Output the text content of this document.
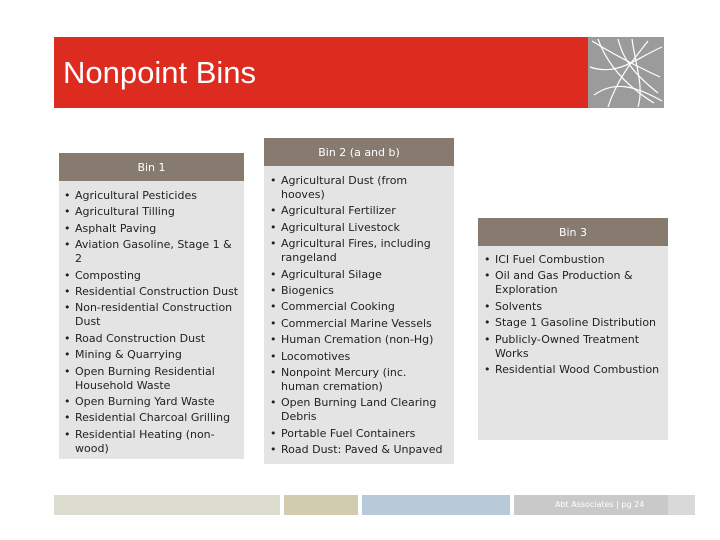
Nonpoint Bins
Bin 1
• Agricultural Pesticides
• Agricultural Tilling
• Asphalt Paving
• Aviation Gasoline, Stage 1 & 2
• Composting
• Residential Construction Dust
• Non-residential Construction Dust
• Road Construction Dust
• Mining & Quarrying
• Open Burning Residential Household Waste
• Open Burning Yard Waste
• Residential Charcoal Grilling
• Residential Heating (non-wood)
Bin 2 (a and b)
• Agricultural Dust (from hooves)
• Agricultural Fertilizer
• Agricultural Livestock
• Agricultural Fires, including rangeland
• Agricultural Silage
• Biogenics
• Commercial Cooking
• Commercial Marine Vessels
• Human Cremation (non-Hg)
• Locomotives
• Nonpoint Mercury (inc. human cremation)
• Open Burning Land Clearing Debris
• Portable Fuel Containers
• Road Dust: Paved & Unpaved
Bin 3
• ICI Fuel Combustion
• Oil and Gas Production & Exploration
• Solvents
• Stage 1 Gasoline Distribution
• Publicly-Owned Treatment Works
• Residential Wood Combustion
Abt Associates | pg 24
